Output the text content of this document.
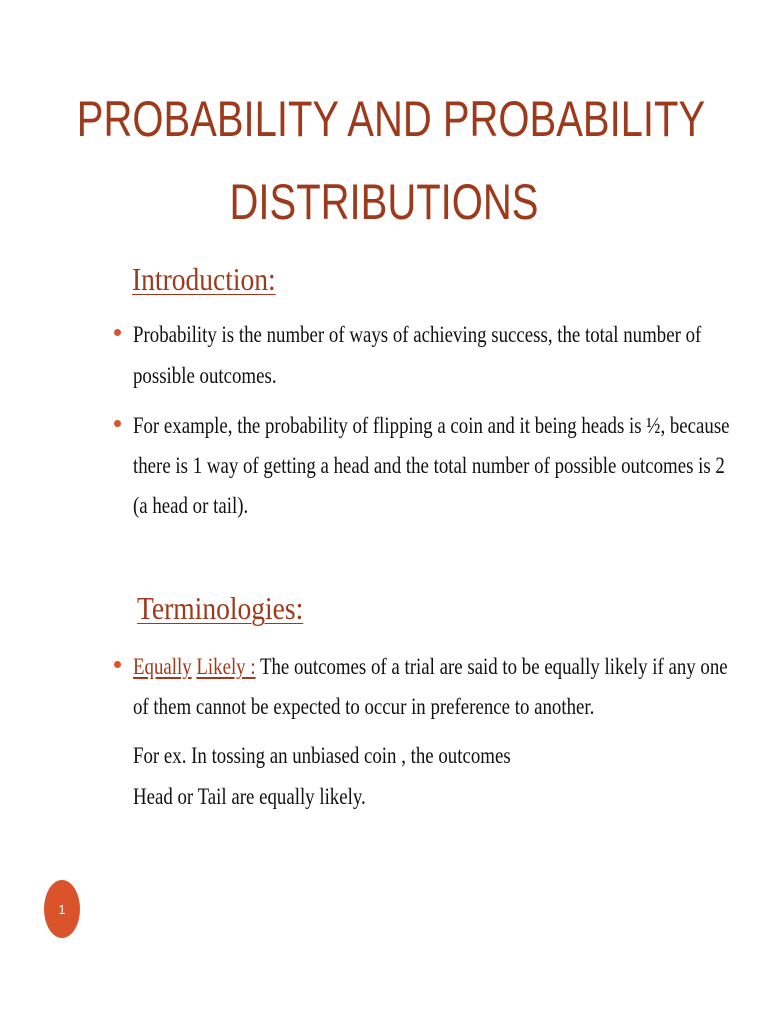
PROBABILITY AND PROBABILITY
DISTRIBUTIONS
Introduction:
Probability is the number of ways of achieving success, the total number of
possible outcomes.
For example, the probability of flipping a coin and it being heads is ½, because
there is 1 way of getting a head and the total number of possible outcomes is 2
(a head or tail).
Terminologies:
Equally Likely : The outcomes of a trial are said to be equally likely if any one
of them cannot be expected to occur in preference to another.
For ex. In tossing an unbiased coin , the outcomes
Head or Tail are equally likely.
1
